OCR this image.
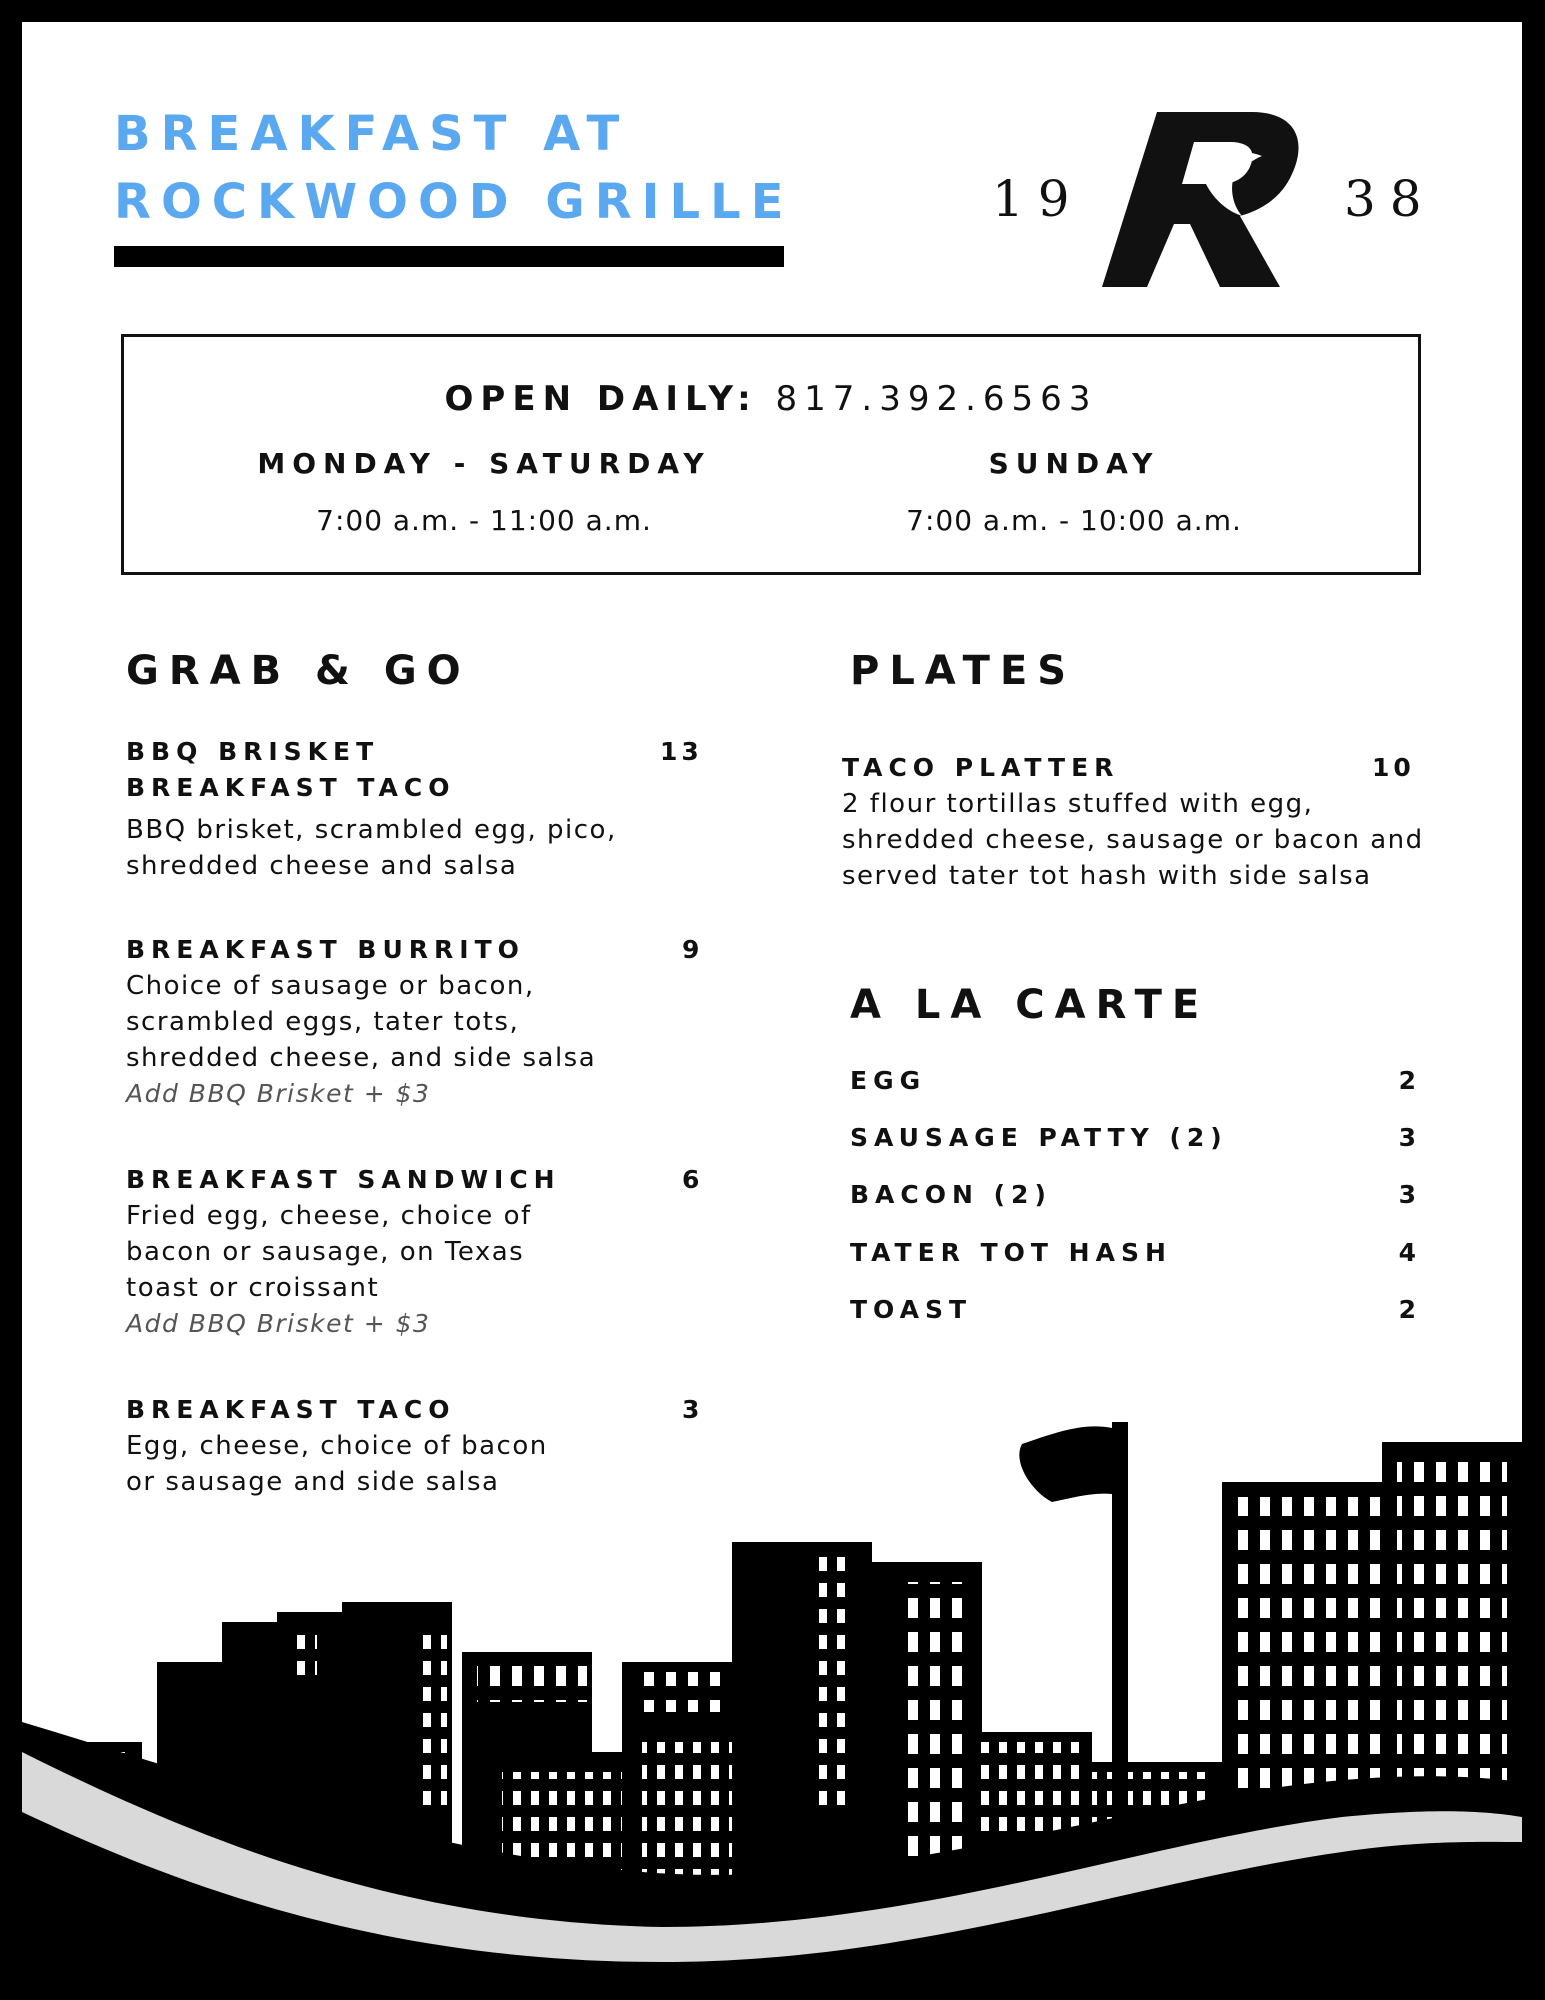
BREAKFAST AT
ROCKWOOD GRILLE	19	38
OPEN DAILY: 817.392.6563
MONDAY - SATURDAY
7:00 a.m. - 11:00 a.m.
SUNDAY
7:00 a.m. - 10:00 a.m.
GRAB & GO
BBQ BRISKET
BREAKFAST TACO
13
BBQ brisket, scrambled egg, pico,
shredded cheese and salsa
BREAKFAST BURRITO	9
Choice of sausage or bacon,
scrambled eggs, tater tots,
shredded cheese, and side salsa
Add BBQ Brisket + $3
BREAKFAST SANDWICH	6
Fried egg, cheese, choice of
bacon or sausage, on Texas
toast or croissant
Add BBQ Brisket + $3
BREAKFAST TACO	3
Egg, cheese, choice of bacon
or sausage and side salsa
PLATES
TACO PLATTER	10
2 flour tortillas stuffed with egg,
shredded cheese, sausage or bacon and
served tater tot hash with side salsa
A LA CARTE
EGG	2
SAUSAGE PATTY (2)	3
BACON (2)	3
TATER TOT HASH	4
TOAST	2
